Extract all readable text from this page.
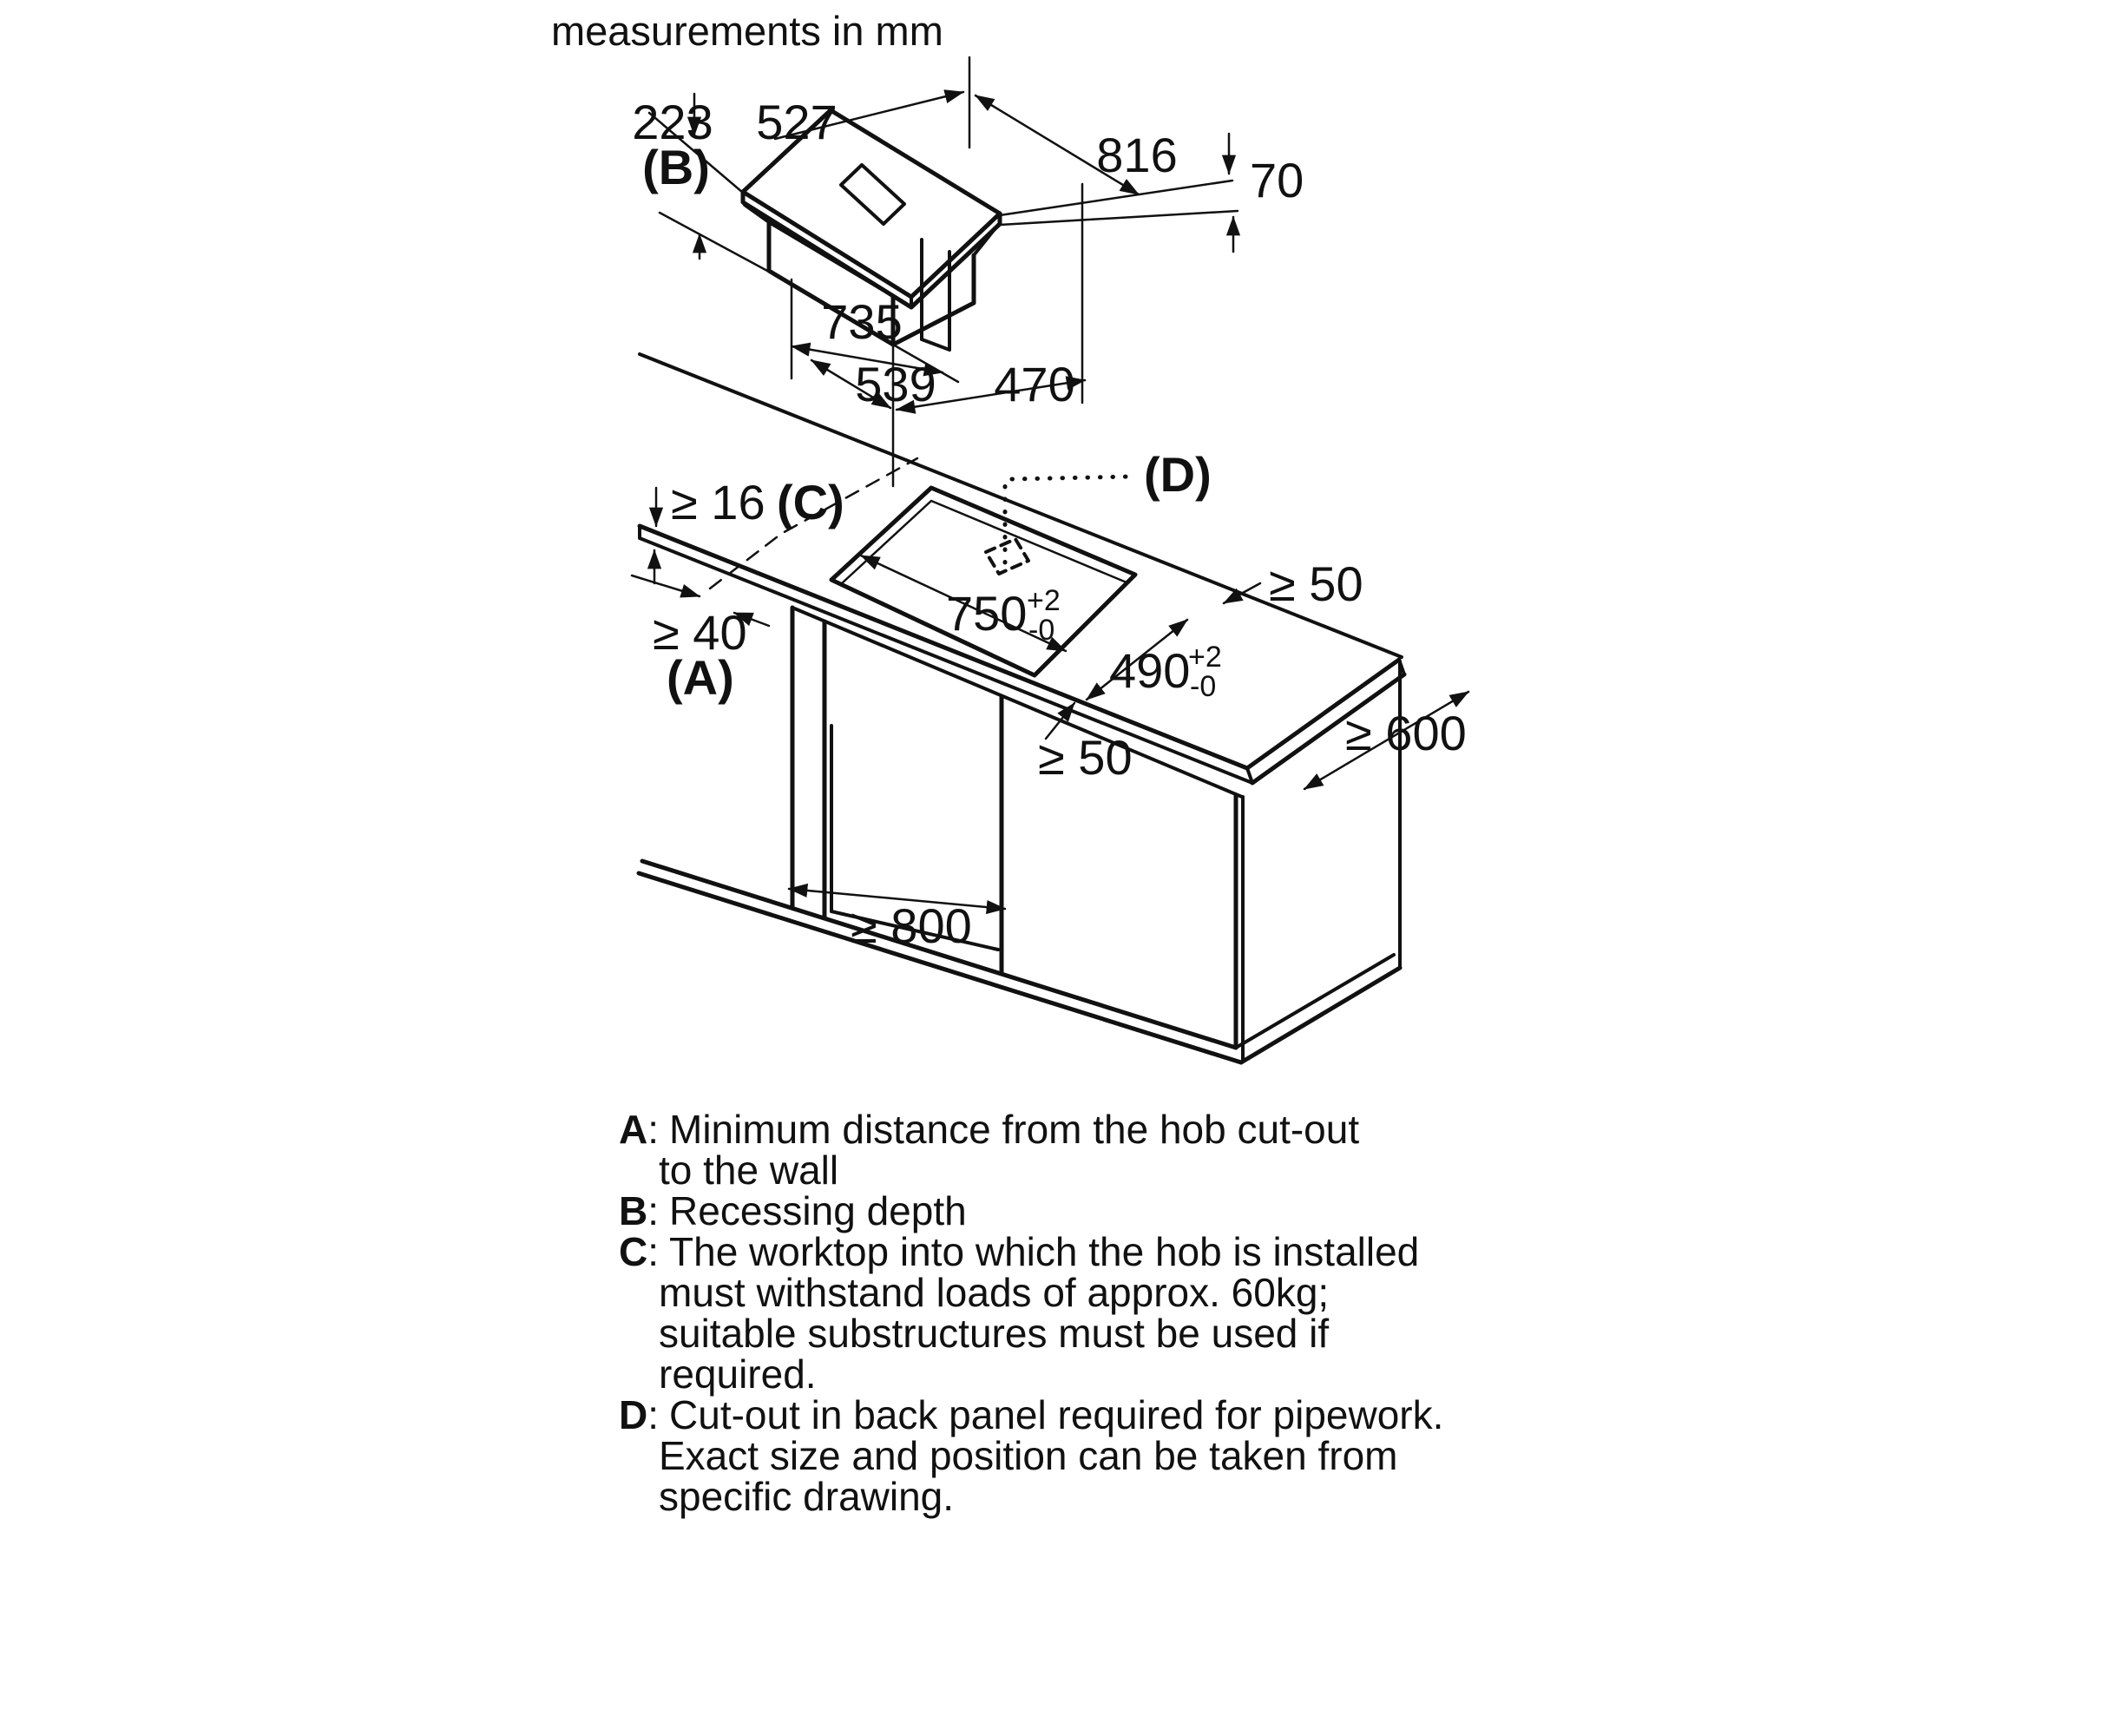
measurements in mm
527
816 70
223
(B)
735
539 470
≥ 16 (C)
≥ 40
(A)
(D)
750 +2
-0
490
+2
-0
≥ 50
≥ 50	≥ 600
≥ 800
A: Minimum distance from the hob cut-out
to the wall
B: Recessing depth
C: The worktop into which the hob is installed
must withstand loads of approx. 60kg;
suitable substructures must be used if
required.
D: Cut-out in back panel required for pipework.
Exact size and position can be taken from
specific drawing.
